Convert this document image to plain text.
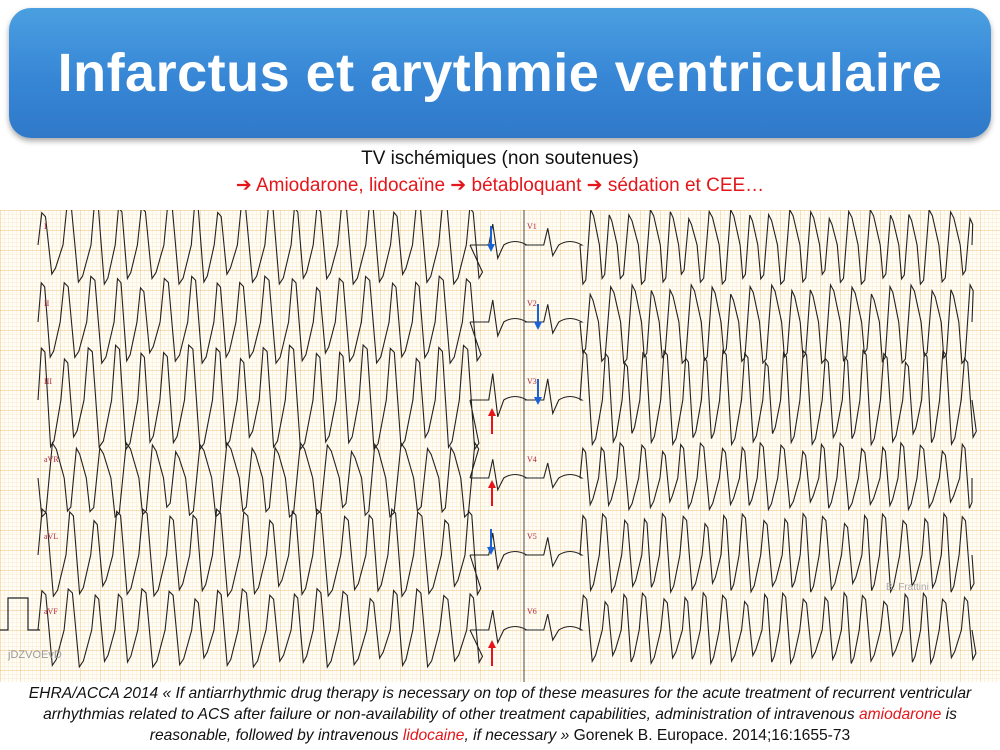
Infarctus et arythmie ventriculaire
TV ischémiques (non soutenues)
➔ Amiodarone, lidocaïne ➔ bétabloquant ➔ sédation et CEE…
I	V1
II	V2
III	V3
aVR	V4
aVL	V5
aVF	V6
jDZVOEvD
B. Frattini
EHRA/ACCA 2014 « If antiarrhythmic drug therapy is necessary on top of these measures for the acute treatment of recurrent ventricular arrhythmias related to ACS after failure or non-availability of other treatment capabilities, administration of intravenous amiodarone is reasonable, followed by intravenous lidocaine, if necessary » Gorenek B. Europace. 2014;16:1655-73
